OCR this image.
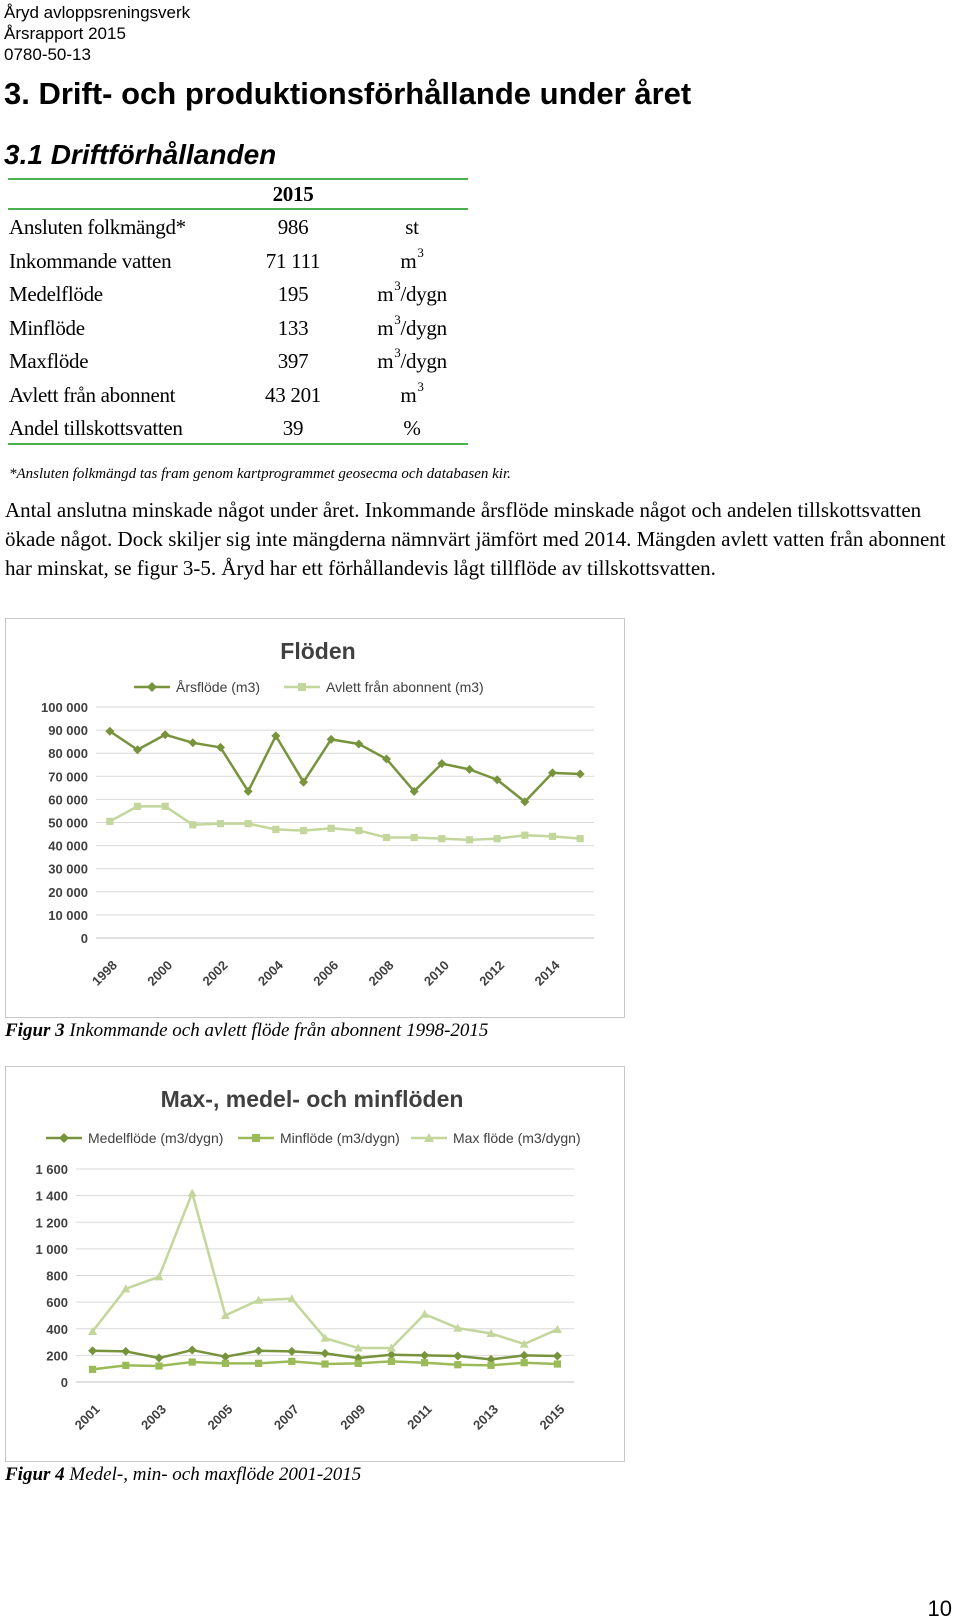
Åryd avloppsreningsverk
Årsrapport 2015
0780-50-13
3. Drift- och produktionsförhållande under året
3.1 Driftförhållanden
2015
Ansluten folkmängd*	986	st
Inkommande vatten	71 111	$m^3$
Medelflöde	195	$m^3$/dygn
Minflöde	133	$m^3$/dygn
Maxflöde	397	$m^3$/dygn
Avlett från abonnent	43 201	$m^3$
Andel tillskottsvatten	39	%
*Ansluten folkmängd tas fram genom kartprogrammet geosecma och databasen kir.
Antal anslutna minskade något under året. Inkommande årsflöde minskade något och andelen tillskottsvatten ökade något. Dock skiljer sig inte mängderna nämnvärt jämfört med 2014. Mängden avlett vatten från abonnent har minskat, se figur 3-5. Åryd har ett förhållandevis lågt tillflöde av tillskottsvatten.
Flöden
Årsflöde (m3)	Avlett från abonnent (m3)
0
10 000
20 000
30 000
40 000
50 000
60 000
70 000
80 000
90 000
100 000
1998 2000 2002 2004 2006 2008 2010 2012 2014
Figur 3 Inkommande och avlett flöde från abonnent 1998-2015
Max-, medel- och minflöden
Medelflöde (m3/dygn)	Minflöde (m3/dygn)	Max flöde (m3/dygn)
0
200
400
600
800
1 000
1 200
1 400
1 600
2001	2003	2005	2007	2009	2011	2013	2015
Figur 4 Medel-, min- och maxflöde 2001-2015
10
